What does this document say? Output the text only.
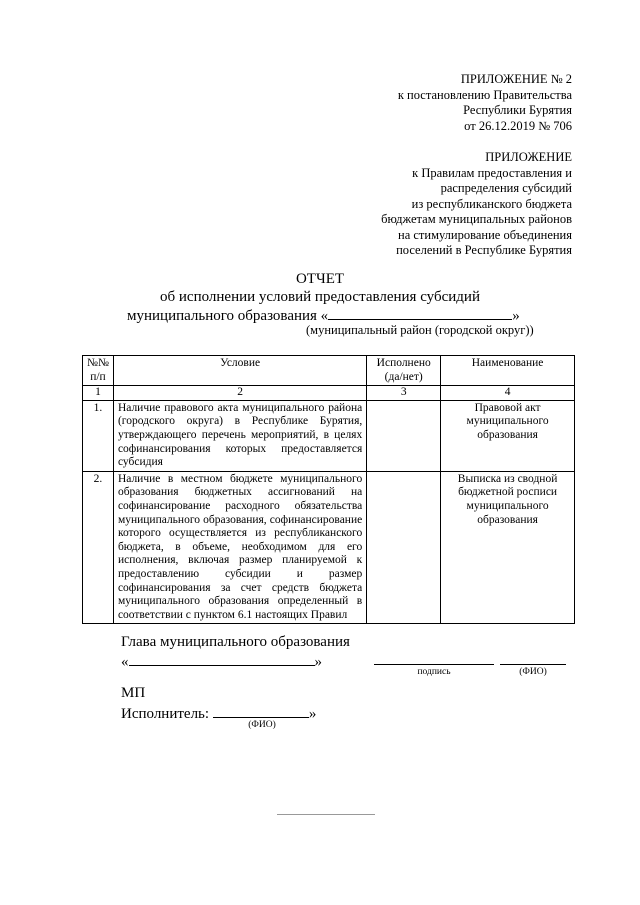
ПРИЛОЖЕНИЕ № 2
к постановлению Правительства
Республики Бурятия
от 26.12.2019 № 706
ПРИЛОЖЕНИЕ
к Правилам предоставления и
распределения субсидий
из республиканского бюджета
бюджетам муниципальных районов
на стимулирование объединения
поселений в Республике Бурятия
ОТЧЕТ
об исполнении условий предоставления субсидий
муниципального образования «	»
(муниципальный район (городской округ))
№№ п/п	Условие	Исполнено (да/нет)	Наименование
1	2	3	4
1.	Наличие правового акта муниципального района (городского округа) в Республике Бурятия, утверждающего перечень мероприятий, в целях софинансирования которых предоставляется субсидия		Правовой акт муниципального образования
2.	Наличие в местном бюджете муниципального образования бюджетных ассигнований на софинансирование расходного обязательства муниципального образования, софинансирование которого осуществляется из республиканского бюджета, в объеме, необходимом для его исполнения, включая размер планируемой к предоставлению субсидии и размер софинансирования за счет средств бюджета муниципального образования определенный в соответствии с пунктом 6.1 настоящих Правил		Выписка из сводной бюджетной росписи муниципального образования
Глава муниципального образования
«	»
подпись	(ФИО)
МП
Исполнитель:	»
(ФИО)
